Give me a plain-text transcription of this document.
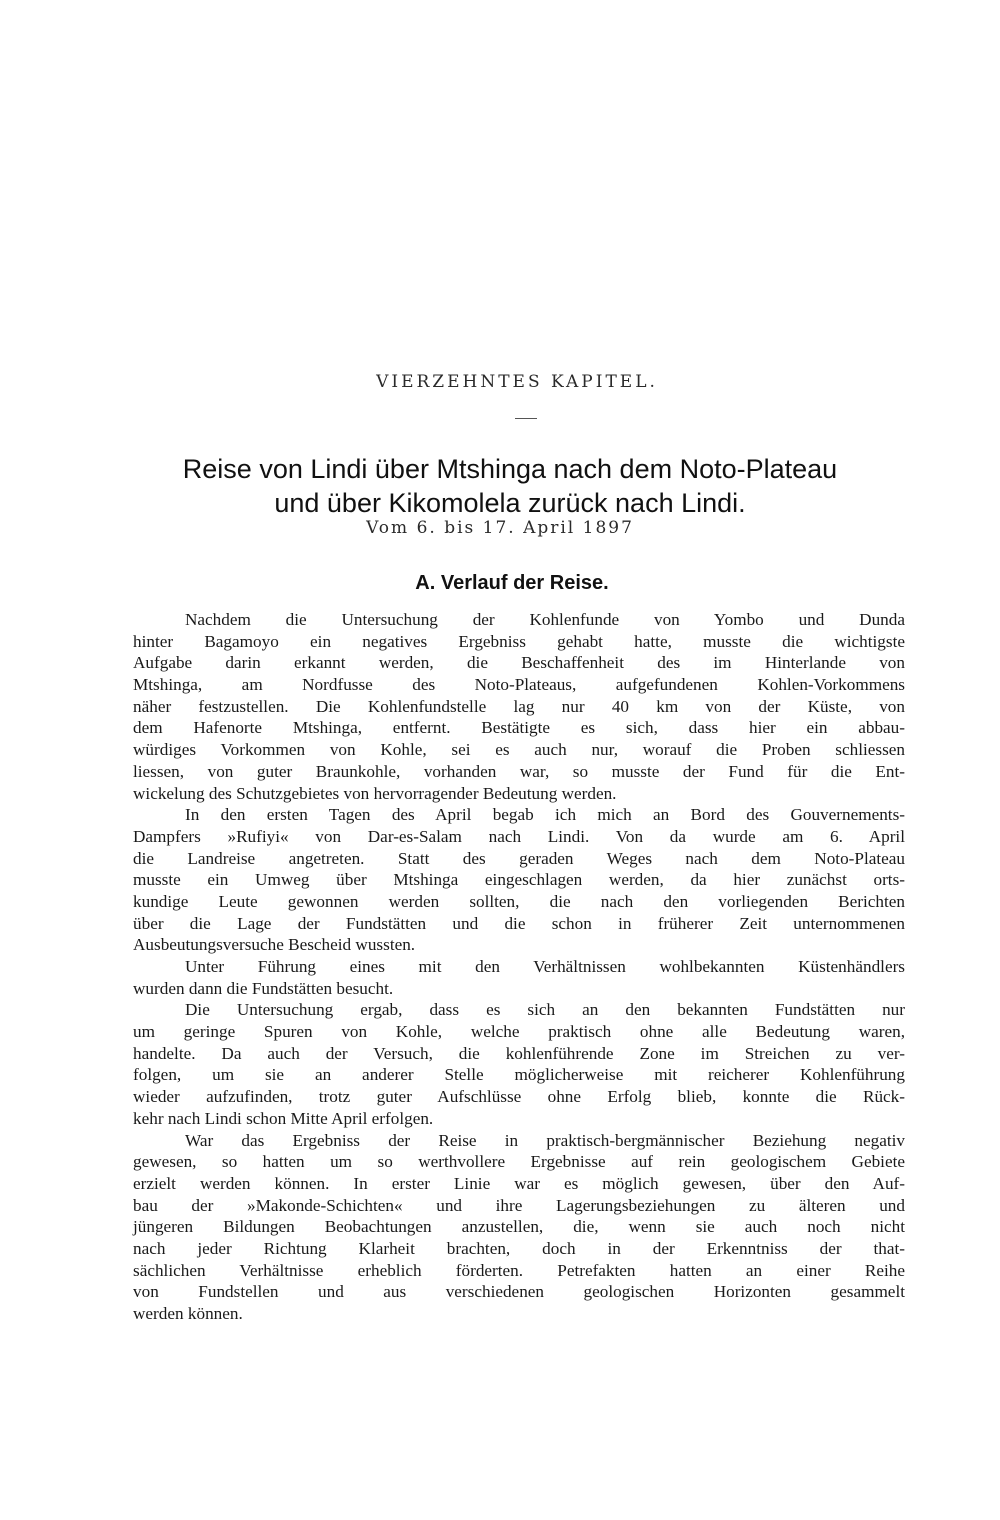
VIERZEHNTES KAPITEL.
Reise von Lindi über Mtshinga nach dem Noto-Plateau
und über Kikomolela zurück nach Lindi.
Vom 6. bis 17. April 1897
A. Verlauf der Reise.
Nachdem die Untersuchung der Kohlenfunde von Yombo und Dunda
hinter Bagamoyo ein negatives Ergebniss gehabt hatte, musste die wichtigste
Aufgabe darin erkannt werden, die Beschaffenheit des im Hinterlande von
Mtshinga, am Nordfusse des Noto-Plateaus, aufgefundenen Kohlen-Vorkommens
näher festzustellen. Die Kohlenfundstelle lag nur 40 km von der Küste, von
dem Hafenorte Mtshinga, entfernt. Bestätigte es sich, dass hier ein abbau-
würdiges Vorkommen von Kohle, sei es auch nur, worauf die Proben schliessen
liessen, von guter Braunkohle, vorhanden war, so musste der Fund für die Ent-
wickelung des Schutzgebietes von hervorragender Bedeutung werden.
In den ersten Tagen des April begab ich mich an Bord des Gouvernements-
Dampfers »Rufiyi« von Dar-es-Salam nach Lindi. Von da wurde am 6. April
die Landreise angetreten. Statt des geraden Weges nach dem Noto-Plateau
musste ein Umweg über Mtshinga eingeschlagen werden, da hier zunächst orts-
kundige Leute gewonnen werden sollten, die nach den vorliegenden Berichten
über die Lage der Fundstätten und die schon in früherer Zeit unternommenen
Ausbeutungsversuche Bescheid wussten.
Unter Führung eines mit den Verhältnissen wohlbekannten Küstenhändlers
wurden dann die Fundstätten besucht.
Die Untersuchung ergab, dass es sich an den bekannten Fundstätten nur
um geringe Spuren von Kohle, welche praktisch ohne alle Bedeutung waren,
handelte. Da auch der Versuch, die kohlenführende Zone im Streichen zu ver-
folgen, um sie an anderer Stelle möglicherweise mit reicherer Kohlenführung
wieder aufzufinden, trotz guter Aufschlüsse ohne Erfolg blieb, konnte die Rück-
kehr nach Lindi schon Mitte April erfolgen.
War das Ergebniss der Reise in praktisch-bergmännischer Beziehung negativ
gewesen, so hatten um so werthvollere Ergebnisse auf rein geologischem Gebiete
erzielt werden können. In erster Linie war es möglich gewesen, über den Auf-
bau der »Makonde-Schichten« und ihre Lagerungsbeziehungen zu älteren und
jüngeren Bildungen Beobachtungen anzustellen, die, wenn sie auch noch nicht
nach jeder Richtung Klarheit brachten, doch in der Erkenntniss der that-
sächlichen Verhältnisse erheblich förderten. Petrefakten hatten an einer Reihe
von Fundstellen und aus verschiedenen geologischen Horizonten gesammelt
werden können.
